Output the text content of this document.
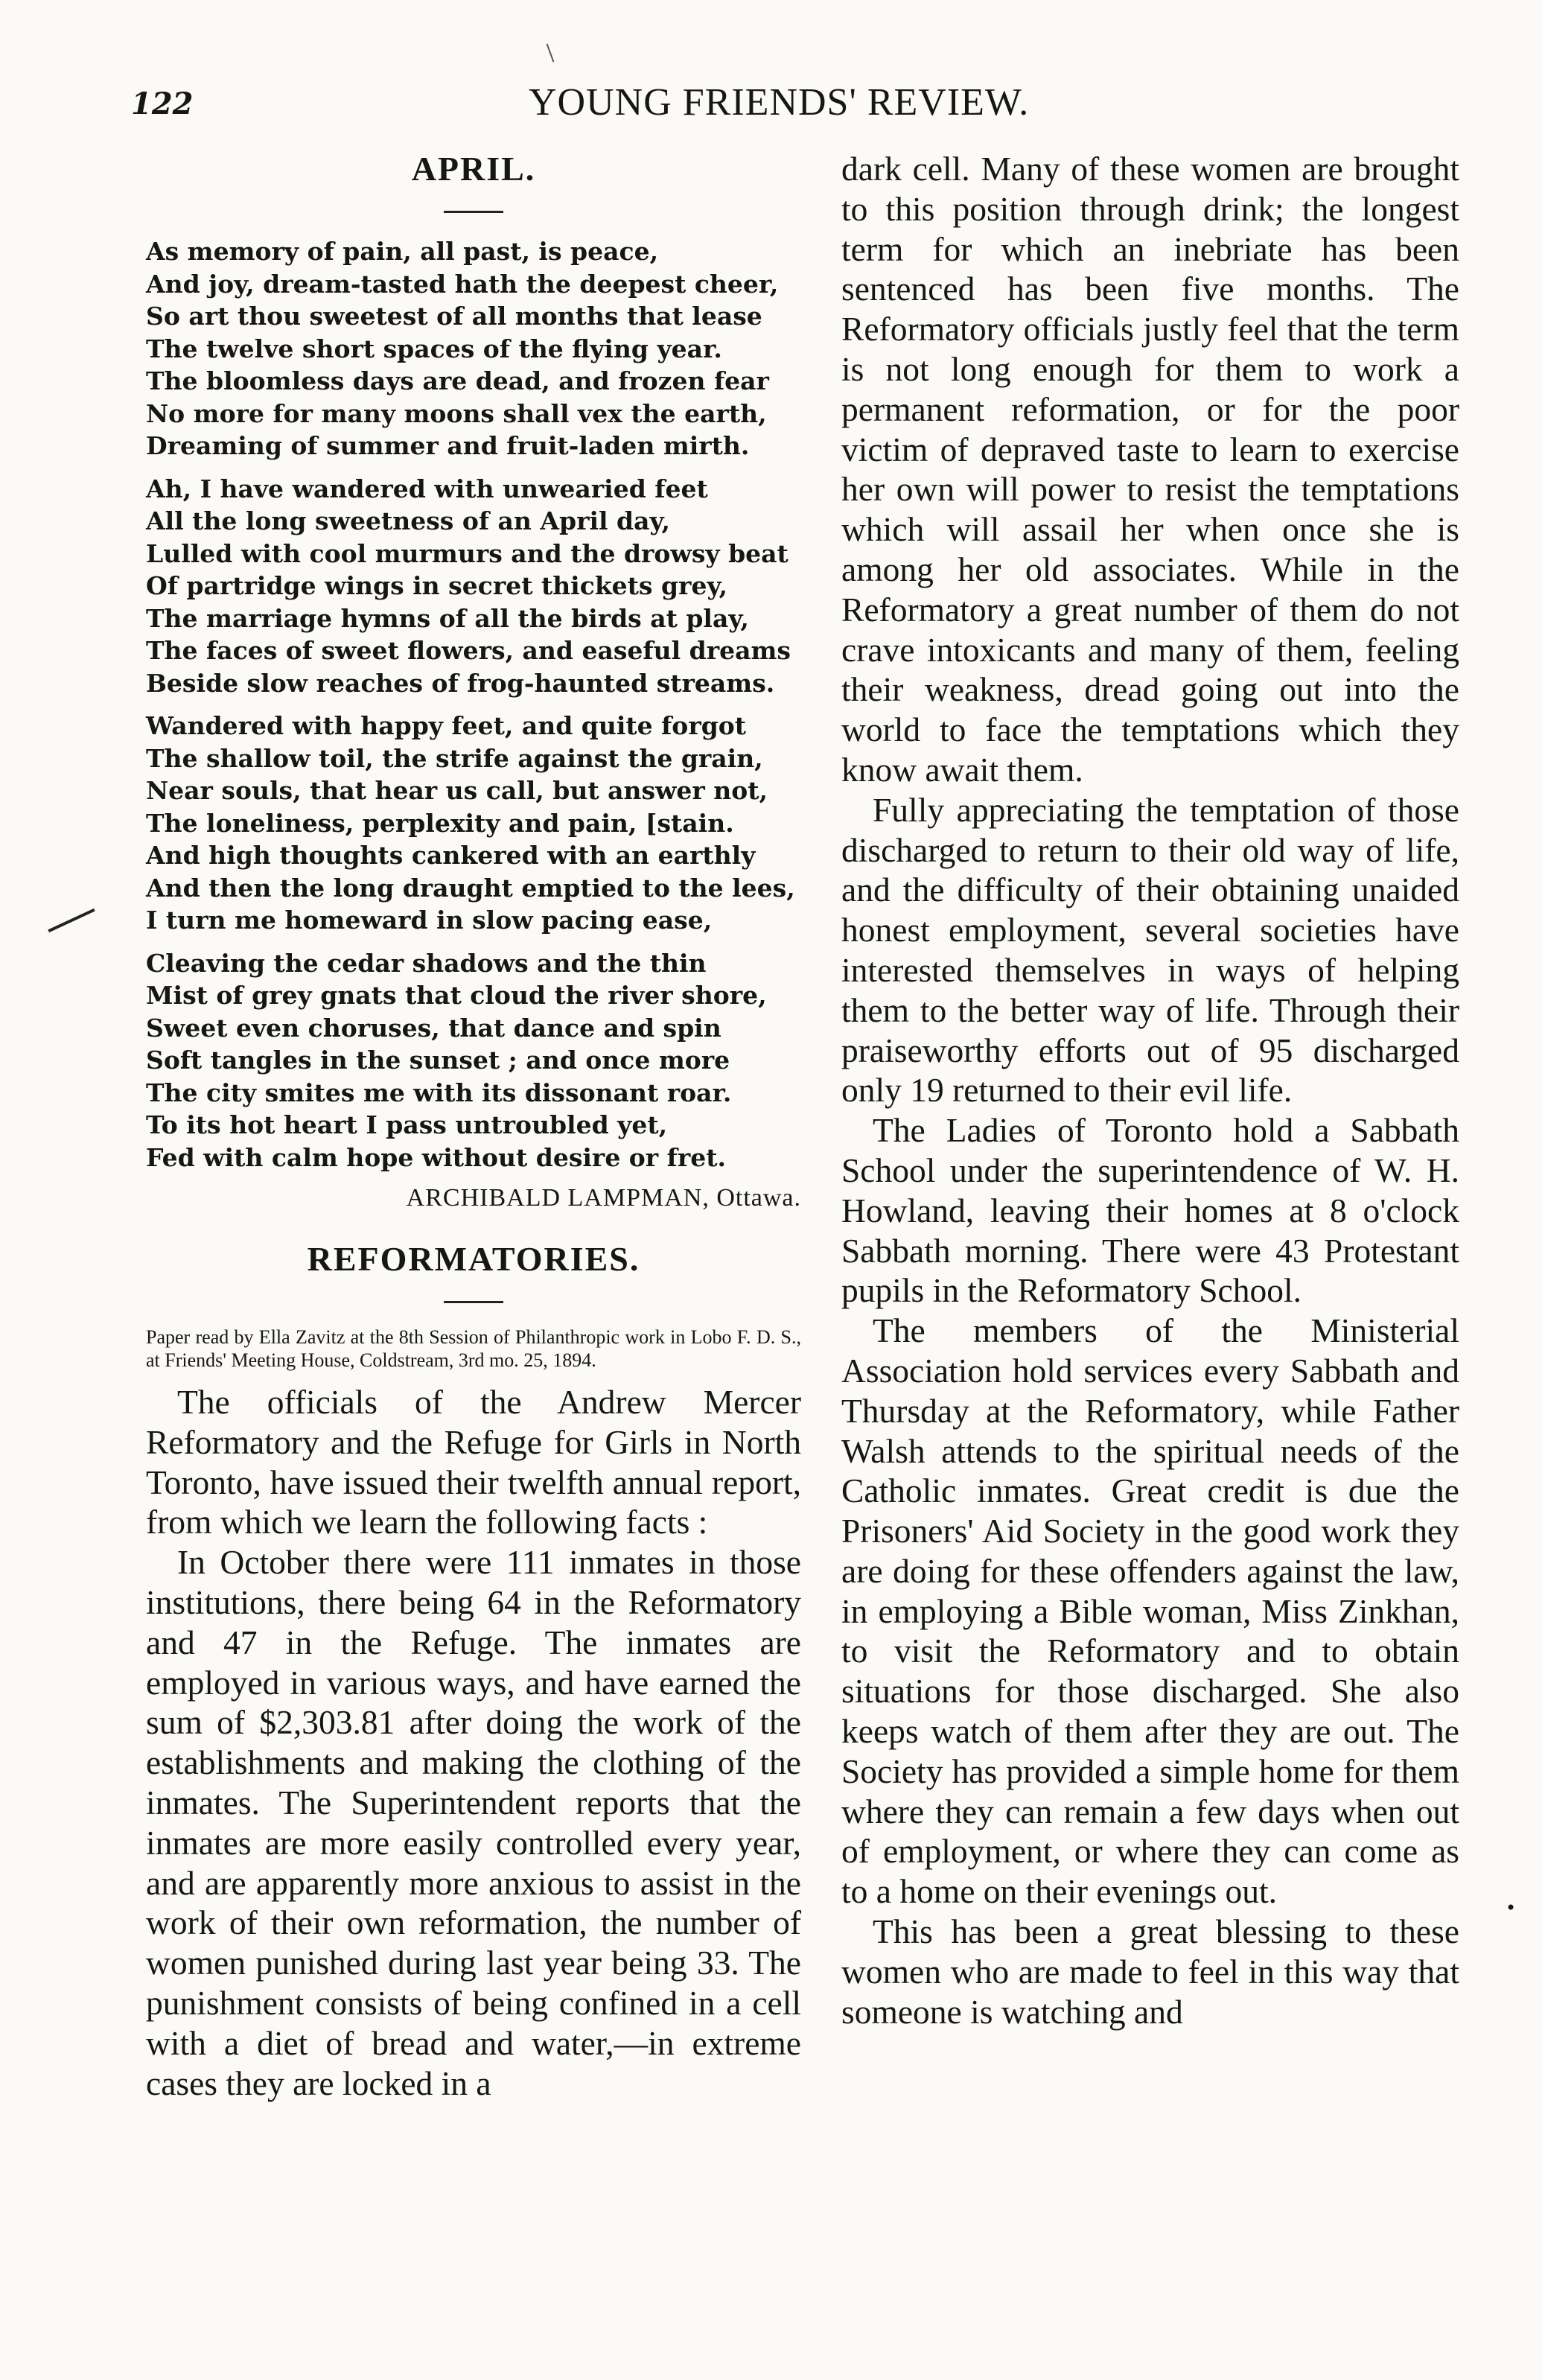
122	YOUNG FRIENDS' REVIEW.
•
APRIL.
As memory of pain, all past, is peace,
And joy, dream-tasted hath the deepest cheer,
So art thou sweetest of all months that lease
The twelve short spaces of the flying year.
The bloomless days are dead, and frozen fear
No more for many moons shall vex the earth,
Dreaming of summer and fruit-laden mirth.
Ah, I have wandered with unwearied feet
All the long sweetness of an April day,
Lulled with cool murmurs and the drowsy beat
Of partridge wings in secret thickets grey,
The marriage hymns of all the birds at play,
The faces of sweet flowers, and easeful dreams
Beside slow reaches of frog-haunted streams.
Wandered with happy feet, and quite forgot
The shallow toil, the strife against the grain,
Near souls, that hear us call, but answer not,
The loneliness, perplexity and pain, [stain.
And high thoughts cankered with an earthly
And then the long draught emptied to the lees,
I turn me homeward in slow pacing ease,
Cleaving the cedar shadows and the thin
Mist of grey gnats that cloud the river shore,
Sweet even choruses, that dance and spin
Soft tangles in the sunset ; and once more
The city smites me with its dissonant roar.
To its hot heart I pass untroubled yet,
Fed with calm hope without desire or fret.
ARCHIBALD LAMPMAN, Ottawa.
REFORMATORIES.

Paper read by Ella Zavitz at the 8th Session of Philanthropic work in Lobo F. D. S., at Friends' Meeting House, Coldstream, 3rd mo. 25, 1894.

The officials of the Andrew Mercer Reformatory and the Refuge for Girls in North Toronto, have issued their twelfth annual report, from which we learn the following facts :

In October there were 111 inmates in those institutions, there being 64 in the Reformatory and 47 in the Refuge. The inmates are employed in various ways, and have earned the sum of $2,303.81 after doing the work of the establishments and making the clothing of the inmates. The Superintendent reports that the inmates are more easily controlled every year, and are apparently more anxious to assist in the work of their own reformation, the number of women punished during last year being 33. The punishment consists of being confined in a cell with a diet of bread and water,—in extreme cases they are locked in a

dark cell. Many of these women are brought to this position through drink; the longest term for which an inebriate has been sentenced has been five months. The Reformatory officials justly feel that the term is not long enough for them to work a permanent reformation, or for the poor victim of depraved taste to learn to exercise her own will power to resist the temptations which will assail her when once she is among her old associates. While in the Reformatory a great number of them do not crave intoxicants and many of them, feeling their weakness, dread going out into the world to face the temptations which they know await them.

Fully appreciating the temptation of those discharged to return to their old way of life, and the difficulty of their obtaining unaided honest employment, several societies have interested themselves in ways of helping them to the better way of life. Through their praiseworthy efforts out of 95 discharged only 19 returned to their evil life.

The Ladies of Toronto hold a Sabbath School under the superintendence of W. H. Howland, leaving their homes at 8 o'clock Sabbath morning. There were 43 Protestant pupils in the Reformatory School.

The members of the Ministerial Association hold services every Sabbath and Thursday at the Reformatory, while Father Walsh attends to the spiritual needs of the Catholic inmates. Great credit is due the Prisoners' Aid Society in the good work they are doing for these offenders against the law, in employing a Bible woman, Miss Zinkhan, to visit the Reformatory and to obtain situations for those discharged. She also keeps watch of them after they are out. The Society has provided a simple home for them where they can remain a few days when out of employment, or where they can come as to a home on their evenings out.

This has been a great blessing to these women who are made to feel in this way that someone is watching and
